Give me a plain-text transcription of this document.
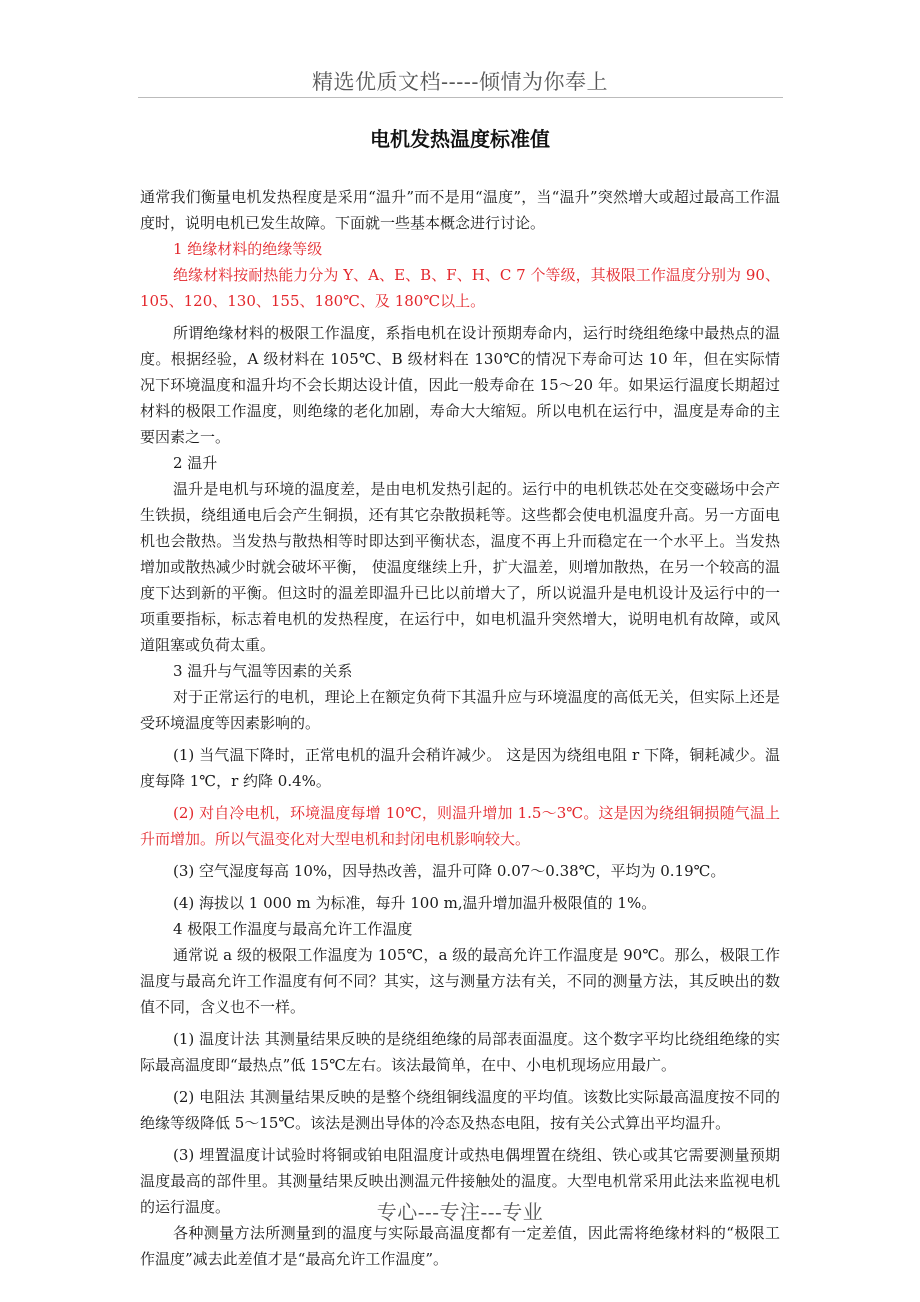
精选优质文档-----倾情为你奉上
电机发热温度标准值

通常我们衡量电机发热程度是采用“温升”而不是用“温度”，当“温升”突然增大或超过最高工作温度时，说明电机已发生故障。下面就一些基本概念进行讨论。

1 绝缘材料的绝缘等级

绝缘材料按耐热能力分为 Y、A、E、B、F、H、C 7 个等级，其极限工作温度分别为 90、105、120、130、155、180℃、及 180℃以上。

所谓绝缘材料的极限工作温度，系指电机在设计预期寿命内，运行时绕组绝缘中最热点的温度。根据经验，A 级材料在 105℃、B 级材料在 130℃的情况下寿命可达 10 年，但在实际情况下环境温度和温升均不会长期达设计值，因此一般寿命在 15～20 年。如果运行温度长期超过材料的极限工作温度，则绝缘的老化加剧，寿命大大缩短。所以电机在运行中，温度是寿命的主要因素之一。

2 温升

温升是电机与环境的温度差，是由电机发热引起的。运行中的电机铁芯处在交变磁场中会产生铁损，绕组通电后会产生铜损，还有其它杂散损耗等。这些都会使电机温度升高。另一方面电机也会散热。当发热与散热相等时即达到平衡状态，温度不再上升而稳定在一个水平上。当发热增加或散热减少时就会破坏平衡， 使温度继续上升，扩大温差，则增加散热，在另一个较高的温度下达到新的平衡。但这时的温差即温升已比以前增大了，所以说温升是电机设计及运行中的一项重要指标，标志着电机的发热程度，在运行中，如电机温升突然增大，说明电机有故障，或风道阻塞或负荷太重。

3 温升与气温等因素的关系

对于正常运行的电机，理论上在额定负荷下其温升应与环境温度的高低无关，但实际上还是受环境温度等因素影响的。

(1) 当气温下降时，正常电机的温升会稍许减少。 这是因为绕组电阻 r 下降，铜耗减少。温度每降 1℃，r 约降 0.4%。

(2) 对自冷电机，环境温度每增 10℃，则温升增加 1.5～3℃。这是因为绕组铜损随气温上升而增加。所以气温变化对大型电机和封闭电机影响较大。

(3) 空气湿度每高 10%，因导热改善，温升可降 0.07～0.38℃，平均为 0.19℃。

(4) 海拔以 1 000 m 为标准，每升 100 m,温升增加温升极限值的 1%。

4 极限工作温度与最高允许工作温度

通常说 a 级的极限工作温度为 105℃，a 级的最高允许工作温度是 90℃。那么，极限工作温度与最高允许工作温度有何不同？其实，这与测量方法有关，不同的测量方法，其反映出的数值不同，含义也不一样。

(1) 温度计法 其测量结果反映的是绕组绝缘的局部表面温度。这个数字平均比绕组绝缘的实际最高温度即“最热点”低 15℃左右。该法最简单，在中、小电机现场应用最广。

(2) 电阻法 其测量结果反映的是整个绕组铜线温度的平均值。该数比实际最高温度按不同的绝缘等级降低 5～15℃。该法是测出导体的冷态及热态电阻，按有关公式算出平均温升。

(3) 埋置温度计试验时将铜或铂电阻温度计或热电偶埋置在绕组、铁心或其它需要测量预期温度最高的部件里。其测量结果反映出测温元件接触处的温度。大型电机常采用此法来监视电机的运行温度。

各种测量方法所测量到的温度与实际最高温度都有一定差值，因此需将绝缘材料的“极限工作温度”减去此差值才是“最高允许工作温度”。

专心---专注---专业
